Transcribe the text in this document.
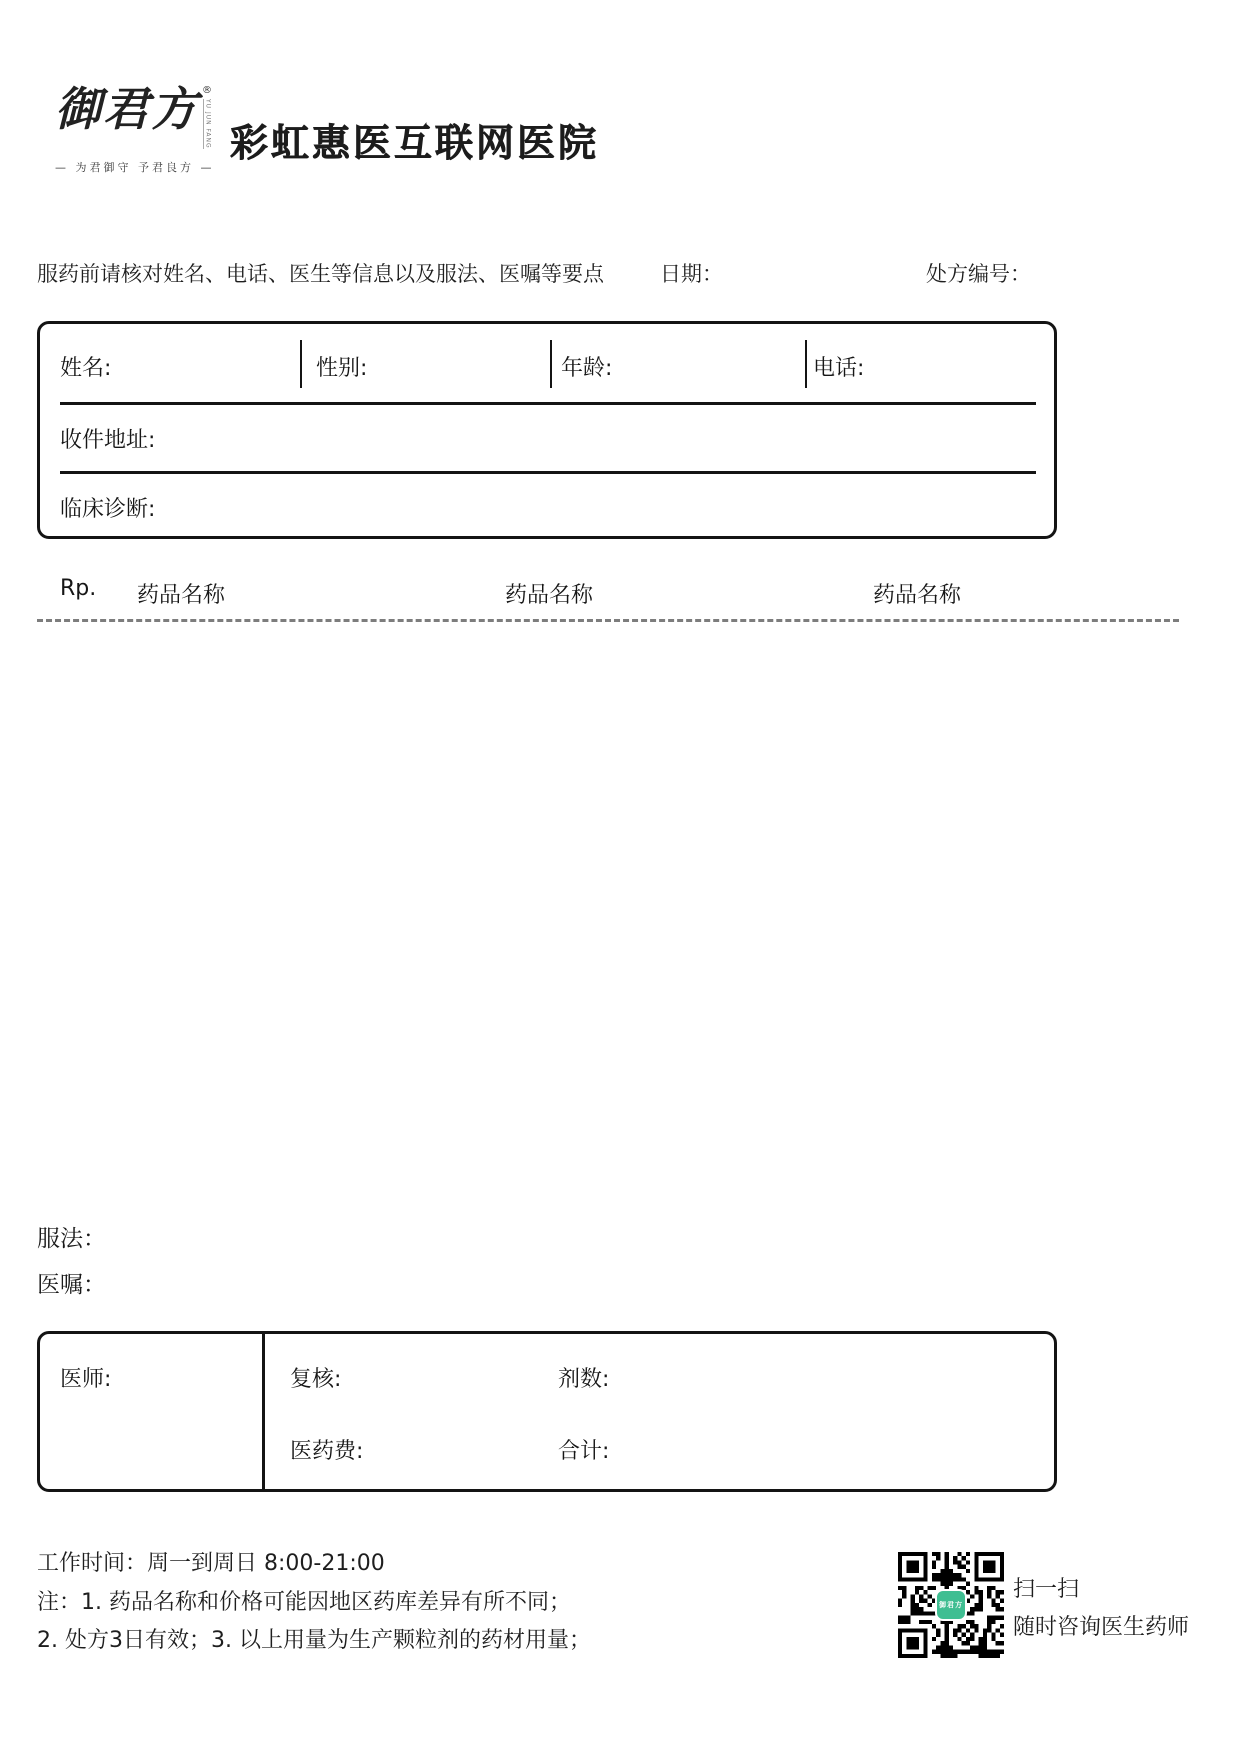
御君方 ®
YU JUN FANG
— 为君御守 予君良方 —
彩虹惠医互联网医院
服药前请核对姓名、电话、医生等信息以及服法、医嘱等要点	日期：	处方编号：
姓名:	性别:	年龄:	电话:
收件地址:
临床诊断:
Rp. 药品名称	药品名称	药品名称
服法：
医嘱：
医师:	复核:	剂数:
医药费:	合计:
工作时间：周一到周日 8:00-21:00
注：1. 药品名称和价格可能因地区药库差异有所不同；
2. 处方3日有效；3. 以上用量为生产颗粒剂的药材用量；
御君方
扫一扫
随时咨询医生药师
